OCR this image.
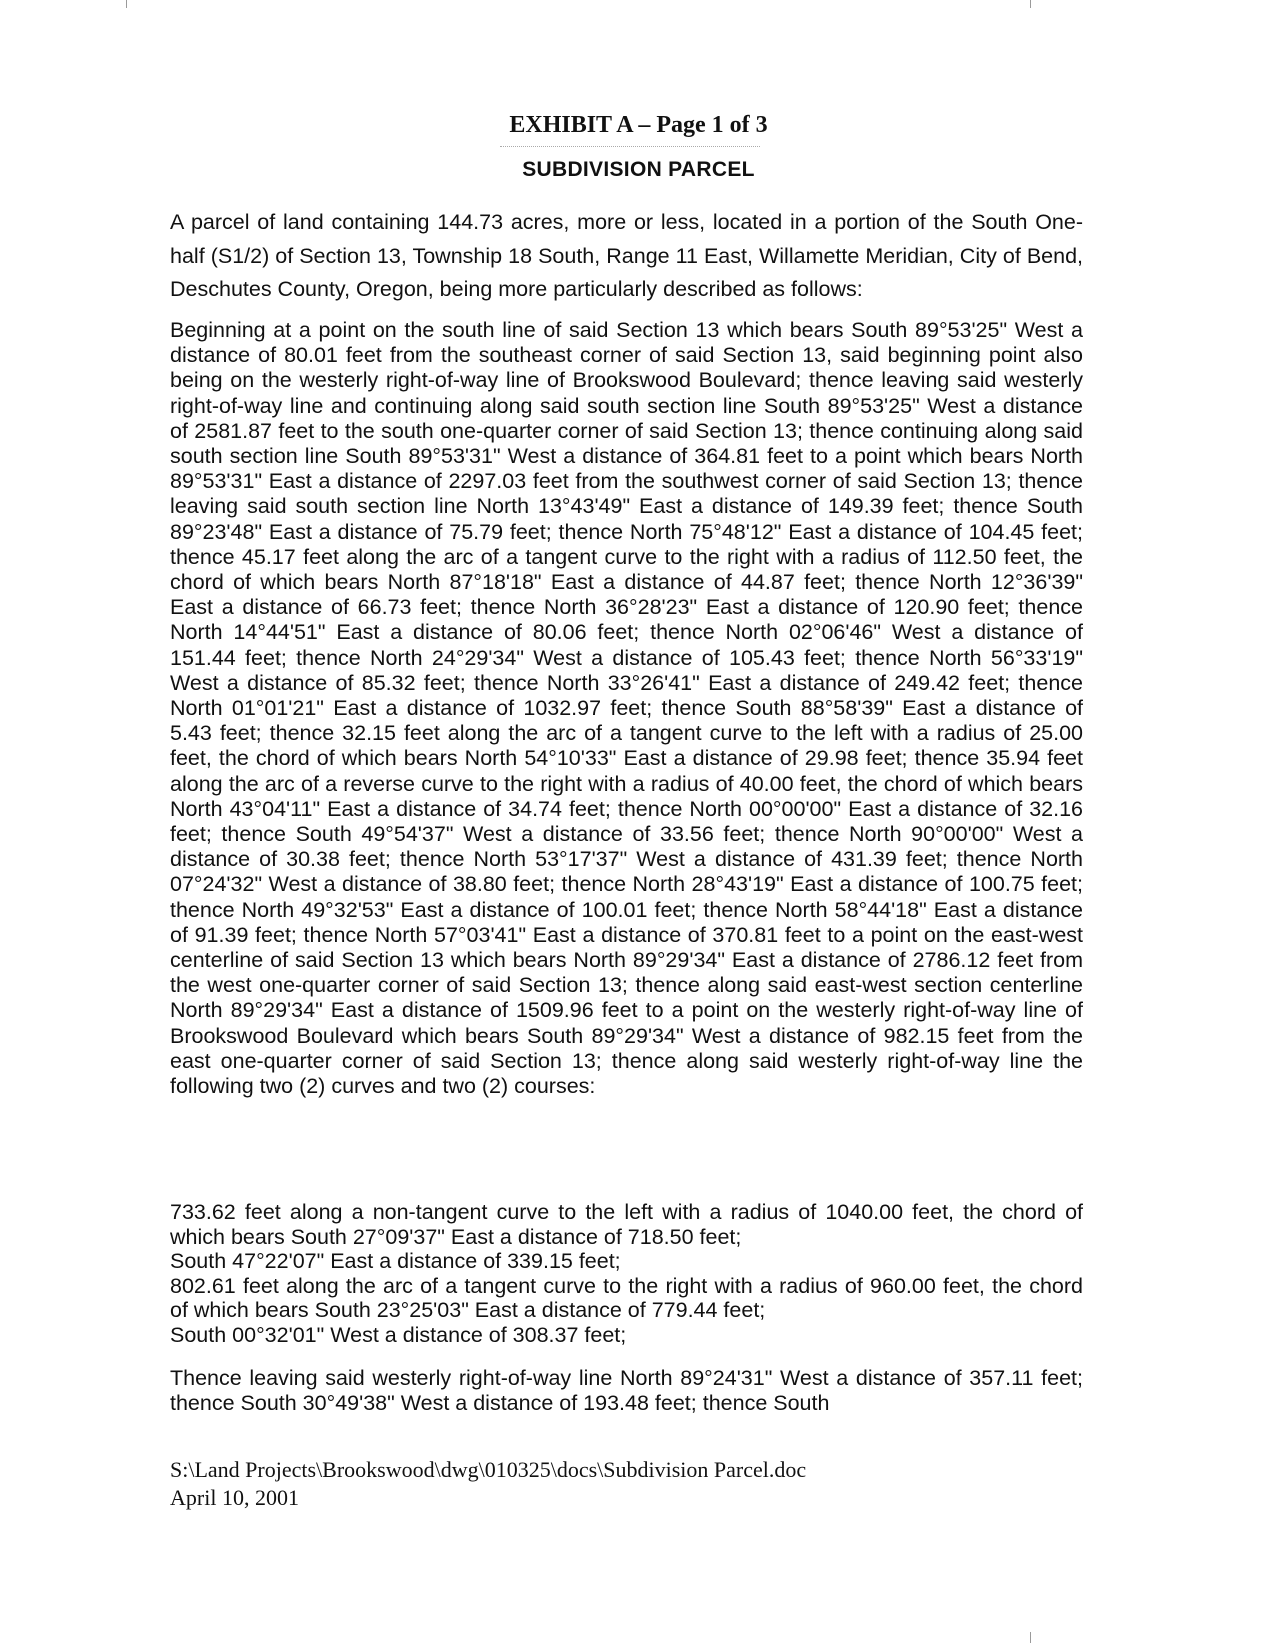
EXHIBIT A – Page 1 of 3
SUBDIVISION PARCEL

A parcel of land containing 144.73 acres, more or less, located in a portion of the South One-half (S1/2) of Section 13, Township 18 South, Range 11 East, Willamette Meridian, City of Bend, Deschutes County, Oregon, being more particularly described as follows:

Beginning at a point on the south line of said Section 13 which bears South 89°53'25" West a distance of 80.01 feet from the southeast corner of said Section 13, said beginning point also being on the westerly right-of-way line of Brookswood Boulevard; thence leaving said westerly right-of-way line and continuing along said south section line South 89°53'25" West a distance of 2581.87 feet to the south one-quarter corner of said Section 13; thence continuing along said south section line South 89°53'31" West a distance of 364.81 feet to a point which bears North 89°53'31" East a distance of 2297.03 feet from the southwest corner of said Section 13; thence leaving said south section line North 13°43'49" East a distance of 149.39 feet; thence South 89°23'48" East a distance of 75.79 feet; thence North 75°48'12" East a distance of 104.45 feet; thence 45.17 feet along the arc of a tangent curve to the right with a radius of 112.50 feet, the chord of which bears North 87°18'18" East a distance of 44.87 feet; thence North 12°36'39" East a distance of 66.73 feet; thence North 36°28'23" East a distance of 120.90 feet; thence North 14°44'51" East a distance of 80.06 feet; thence North 02°06'46" West a distance of 151.44 feet; thence North 24°29'34" West a distance of 105.43 feet; thence North 56°33'19" West a distance of 85.32 feet; thence North 33°26'41" East a distance of 249.42 feet; thence North 01°01'21" East a distance of 1032.97 feet; thence South 88°58'39" East a distance of 5.43 feet; thence 32.15 feet along the arc of a tangent curve to the left with a radius of 25.00 feet, the chord of which bears North 54°10'33" East a distance of 29.98 feet; thence 35.94 feet along the arc of a reverse curve to the right with a radius of 40.00 feet, the chord of which bears North 43°04'11" East a distance of 34.74 feet; thence North 00°00'00" East a distance of 32.16 feet; thence South 49°54'37" West a distance of 33.56 feet; thence North 90°00'00" West a distance of 30.38 feet; thence North 53°17'37" West a distance of 431.39 feet; thence North 07°24'32" West a distance of 38.80 feet; thence North 28°43'19" East a distance of 100.75 feet; thence North 49°32'53" East a distance of 100.01 feet; thence North 58°44'18" East a distance of 91.39 feet; thence North 57°03'41" East a distance of 370.81 feet to a point on the east-west centerline of said Section 13 which bears North 89°29'34" East a distance of 2786.12 feet from the west one-quarter corner of said Section 13; thence along said east-west section centerline North 89°29'34" East a distance of 1509.96 feet to a point on the westerly right-of-way line of Brookswood Boulevard which bears South 89°29'34" West a distance of 982.15 feet from the east one-quarter corner of said Section 13; thence along said westerly right-of-way line the following two (2) curves and two (2) courses:

733.62 feet along a non-tangent curve to the left with a radius of 1040.00 feet, the chord of which bears South 27°09'37" East a distance of 718.50 feet;
South 47°22'07" East a distance of 339.15 feet;
802.61 feet along the arc of a tangent curve to the right with a radius of 960.00 feet, the chord of which bears South 23°25'03" East a distance of 779.44 feet;
South 00°32'01" West a distance of 308.37 feet;

Thence leaving said westerly right-of-way line North 89°24'31" West a distance of 357.11 feet; thence South 30°49'38" West a distance of 193.48 feet; thence South

S:\Land Projects\Brookswood\dwg\010325\docs\Subdivision Parcel.doc
April 10, 2001
